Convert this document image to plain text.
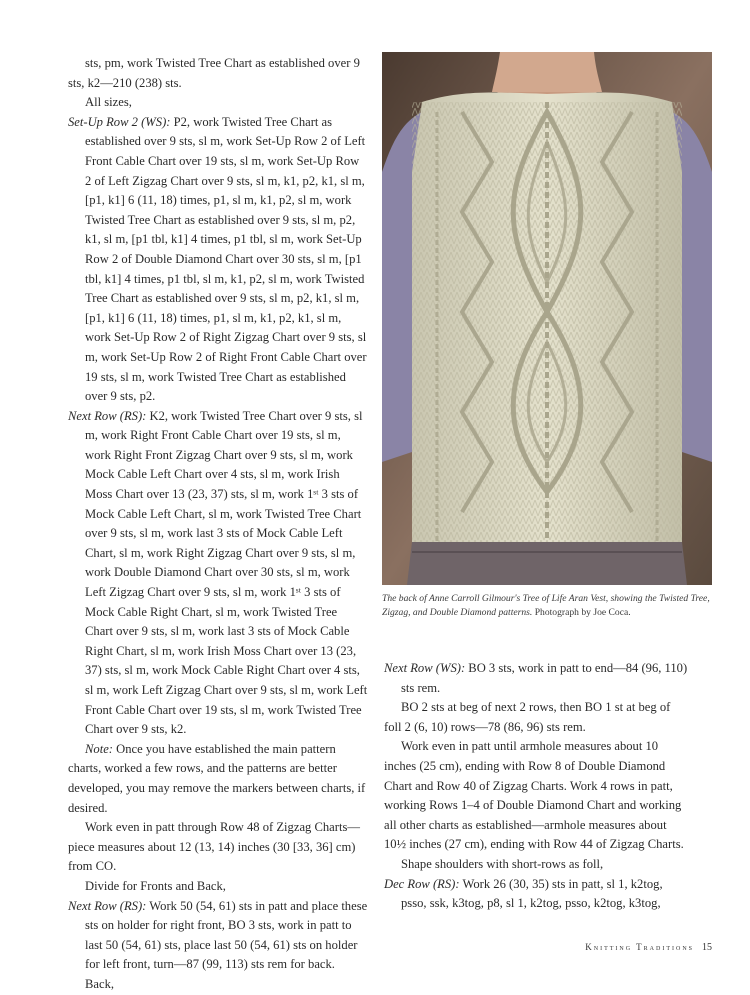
sts, pm, work Twisted Tree Chart as established over 9 sts, k2—210 (238) sts.

All sizes,

Set-Up Row 2 (WS): P2, work Twisted Tree Chart as established over 9 sts, sl m, work Set-Up Row 2 of Left Front Cable Chart over 19 sts, sl m, work Set-Up Row 2 of Left Zigzag Chart over 9 sts, sl m, k1, p2, k1, sl m, [p1, k1] 6 (11, 18) times, p1, sl m, k1, p2, sl m, work Twisted Tree Chart as established over 9 sts, sl m, p2, k1, sl m, [p1 tbl, k1] 4 times, p1 tbl, sl m, work Set-Up Row 2 of Double Diamond Chart over 30 sts, sl m, [p1 tbl, k1] 4 times, p1 tbl, sl m, k1, p2, sl m, work Twisted Tree Chart as established over 9 sts, sl m, p2, k1, sl m, [p1, k1] 6 (11, 18) times, p1, sl m, k1, p2, k1, sl m, work Set-Up Row 2 of Right Zigzag Chart over 9 sts, sl m, work Set-Up Row 2 of Right Front Cable Chart over 19 sts, sl m, work Twisted Tree Chart as established over 9 sts, p2.

Next Row (RS): K2, work Twisted Tree Chart over 9 sts, sl m, work Right Front Cable Chart over 19 sts, sl m, work Right Front Zigzag Chart over 9 sts, sl m, work Mock Cable Left Chart over 4 sts, sl m, work Irish Moss Chart over 13 (23, 37) sts, sl m, work 1ˢᵗ 3 sts of Mock Cable Left Chart, sl m, work Twisted Tree Chart over 9 sts, sl m, work last 3 sts of Mock Cable Left Chart, sl m, work Right Zigzag Chart over 9 sts, sl m, work Double Diamond Chart over 30 sts, sl m, work Left Zigzag Chart over 9 sts, sl m, work 1ˢᵗ 3 sts of Mock Cable Right Chart, sl m, work Twisted Tree Chart over 9 sts, sl m, work last 3 sts of Mock Cable Right Chart, sl m, work Irish Moss Chart over 13 (23, 37) sts, sl m, work Mock Cable Right Chart over 4 sts, sl m, work Left Zigzag Chart over 9 sts, sl m, work Left Front Cable Chart over 19 sts, sl m, work Twisted Tree Chart over 9 sts, k2.

Note: Once you have established the main pattern charts, worked a few rows, and the patterns are better developed, you may remove the markers between charts, if desired.

Work even in patt through Row 48 of Zigzag Charts—piece measures about 12 (13, 14) inches (30 [33, 36] cm) from CO.

Divide for Fronts and Back,

Next Row (RS): Work 50 (54, 61) sts in patt and place these sts on holder for right front, BO 3 sts, work in patt to last 50 (54, 61) sts, place last 50 (54, 61) sts on holder for left front, turn—87 (99, 113) sts rem for back.

Back,

The back of Anne Carroll Gilmour's Tree of Life Aran Vest, showing the Twisted Tree, Zigzag, and Double Diamond patterns. Photograph by Joe Coca.

Next Row (WS): BO 3 sts, work in patt to end—84 (96, 110) sts rem.

BO 2 sts at beg of next 2 rows, then BO 1 st at beg of foll 2 (6, 10) rows—78 (86, 96) sts rem.

Work even in patt until armhole measures about 10 inches (25 cm), ending with Row 8 of Double Diamond Chart and Row 40 of Zigzag Charts. Work 4 rows in patt, working Rows 1–4 of Double Diamond Chart and working all other charts as established—armhole measures about 10½ inches (27 cm), ending with Row 44 of Zigzag Charts.

Shape shoulders with short-rows as foll,

Dec Row (RS): Work 26 (30, 35) sts in patt, sl 1, k2tog, psso, ssk, k3tog, p8, sl 1, k2tog, psso, k2tog, k3tog,

Knitting Traditions 15
